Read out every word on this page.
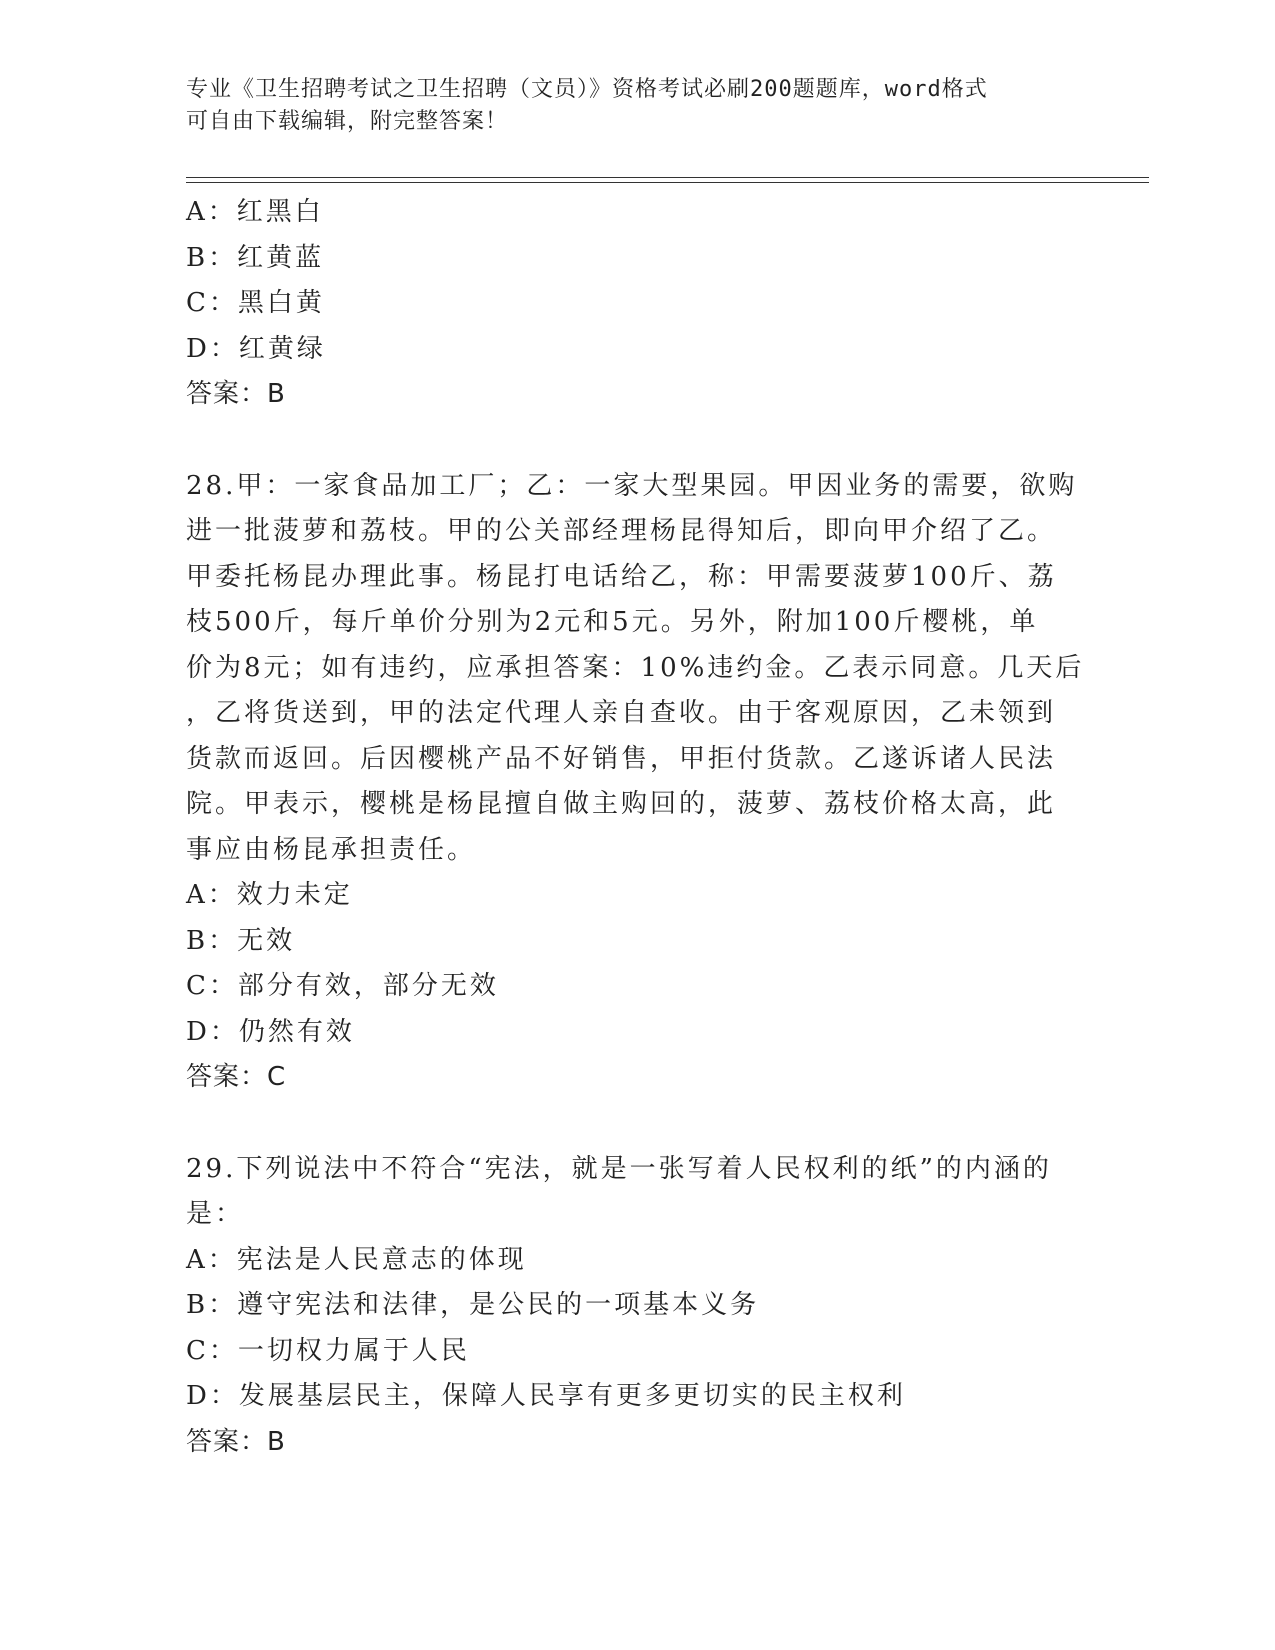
专业《卫生招聘考试之卫生招聘（文员）》资格考试必刷200题题库，word格式
可自由下载编辑，附完整答案！
A：红黑白
B：红黄蓝
C：黑白黄
D：红黄绿
答案：B
28.甲：一家食品加工厂；乙：一家大型果园。甲因业务的需要，欲购
进一批菠萝和荔枝。甲的公关部经理杨昆得知后，即向甲介绍了乙。
甲委托杨昆办理此事。杨昆打电话给乙，称：甲需要菠萝100斤、荔
枝500斤，每斤单价分别为2元和5元。另外，附加100斤樱桃，单
价为8元；如有违约，应承担答案：10%违约金。乙表示同意。几天后
，乙将货送到，甲的法定代理人亲自查收。由于客观原因，乙未领到
货款而返回。后因樱桃产品不好销售，甲拒付货款。乙遂诉诸人民法
院。甲表示，樱桃是杨昆擅自做主购回的，菠萝、荔枝价格太高，此
事应由杨昆承担责任。
A：效力未定
B：无效
C：部分有效，部分无效
D：仍然有效
答案：C
29.下列说法中不符合“宪法，就是一张写着人民权利的纸”的内涵的
是：
A：宪法是人民意志的体现
B：遵守宪法和法律，是公民的一项基本义务
C：一切权力属于人民
D：发展基层民主，保障人民享有更多更切实的民主权利
答案：B
